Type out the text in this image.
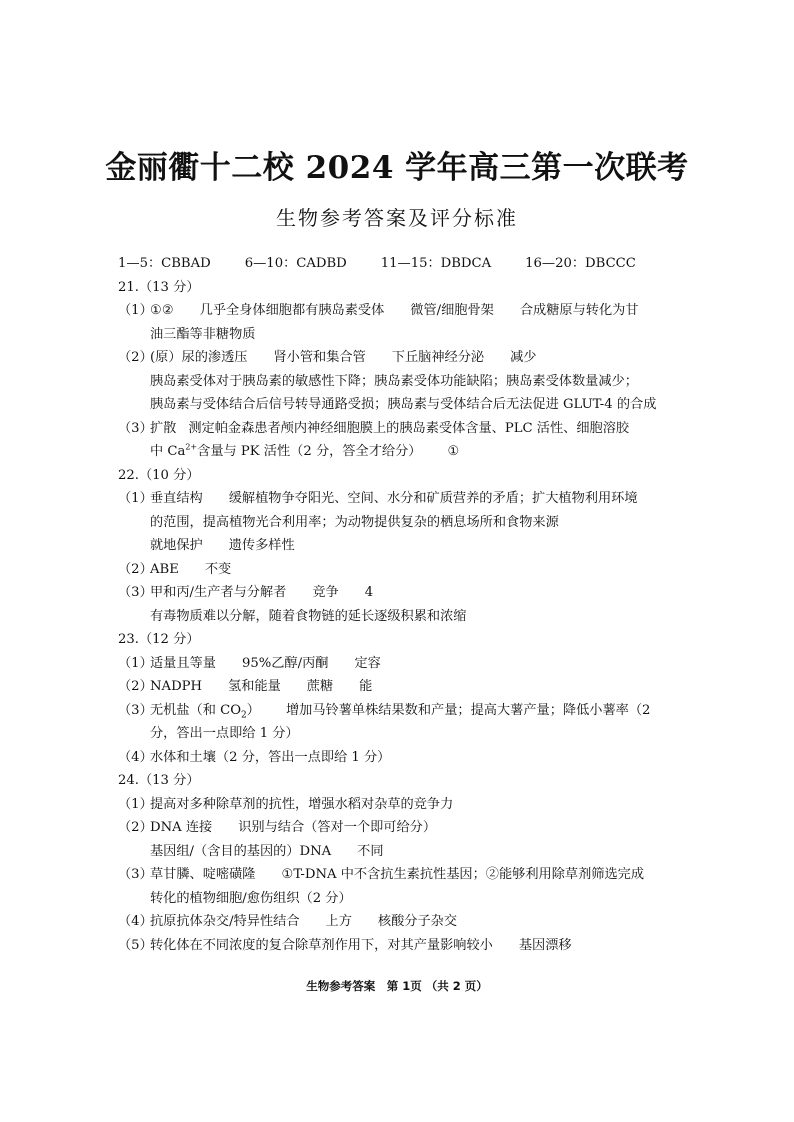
金丽衢十二校 2024 学年高三第一次联考
生物参考答案及评分标准
1—5：CBBAD	6—10：CADBD	11—15：DBDCA	16—20：DBCCC
21.（13 分）
（1）①② 几乎全身体细胞都有胰岛素受体 微管/细胞骨架 合成糖原与转化为甘
油三酯等非糖物质
（2）(原）尿的渗透压 肾小管和集合管 下丘脑神经分泌 减少
胰岛素受体对于胰岛素的敏感性下降；胰岛素受体功能缺陷；胰岛素受体数量减少；
胰岛素与受体结合后信号转导通路受损；胰岛素与受体结合后无法促进 GLUT-4 的合成
（3）扩散 测定帕金森患者颅内神经细胞膜上的胰岛素受体含量、PLC 活性、细胞溶胶
中 $Ca^{2+}$含量与 PK 活性（2 分，答全才给分） ①
22.（10 分）
（1）垂直结构 缓解植物争夺阳光、空间、水分和矿质营养的矛盾；扩大植物利用环境
的范围，提高植物光合利用率；为动物提供复杂的栖息场所和食物来源
就地保护 遗传多样性
（2）ABE 不变
（3）甲和丙/生产者与分解者 竞争 4
有毒物质难以分解，随着食物链的延长逐级积累和浓缩
23.（12 分）
（1）适量且等量 95%乙醇/丙酮 定容
（2）NADPH 氢和能量 蔗糖 能
（3）无机盐（和 $CO_2$） 增加马铃薯单株结果数和产量；提高大薯产量；降低小薯率（2
分，答出一点即给 1 分）
（4）水体和土壤（2 分，答出一点即给 1 分）
24.（13 分）
（1）提高对多种除草剂的抗性，增强水稻对杂草的竞争力
（2）DNA 连接 识别与结合（答对一个即可给分）
基因组/（含目的基因的）DNA 不同
（3）草甘膦、啶嘧磺隆 ①T-DNA 中不含抗生素抗性基因；②能够利用除草剂筛选完成
转化的植物细胞/愈伤组织（2 分）
（4）抗原抗体杂交/特异性结合 上方 核酸分子杂交
（5）转化体在不同浓度的复合除草剂作用下，对其产量影响较小 基因漂移
生物参考答案　第 1页 （共 2 页）
